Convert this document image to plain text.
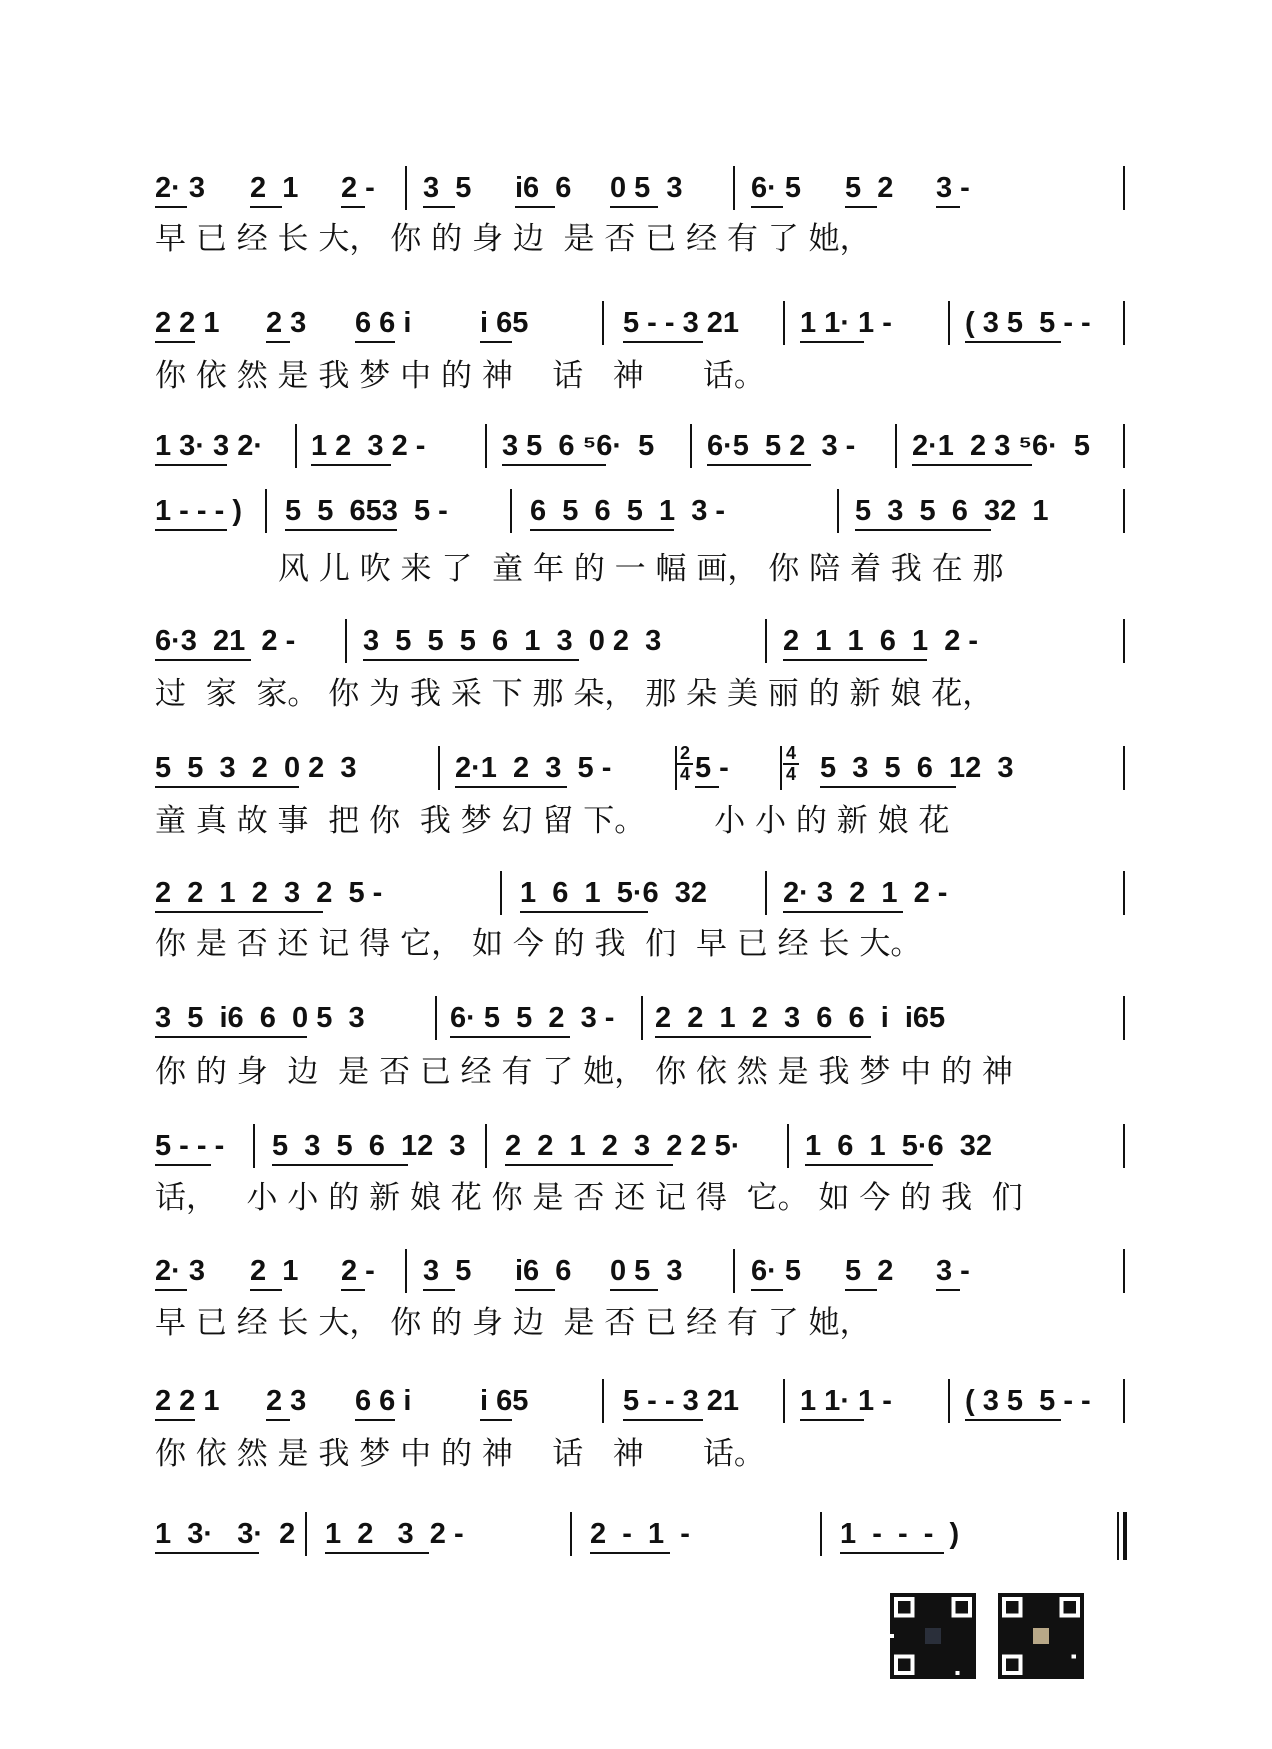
2· 3 2  1 2 - 3  5 i6  6 0 5  3 6· 5 5  2 3 -
早 已 经 长 大， 你 的 身 边  是 否 已 经 有 了 她，
2 2 1 2 3 6 6 i i 65	5 - - 3 21 1 1· 1 -	( 3 5  5 - -
你 依 然 是 我 梦 中 的 神    话   神      话。
1 3· 3 2· 1 2  3 2 -	3 5  6 ⁵6·  5 6·5  5 2  3 - 2·1  2 3 ⁵6·  5
1 - - - ) 5  5  653  5 -	6  5  6  5  1  3 -	5  3  5  6  32  1
风 儿 吹 来 了  童 年 的 一 幅 画， 你 陪 着 我 在 那
6·3  21  2 - 3  5  5  5  6  1  3  0 2  3	2  1  1  6  1  2 -
过  家  家。 你 为 我 采 下 那 朵， 那 朵 美 丽 的 新 娘 花，
5  5  3  2  0 2  3	2·1  2  3  5 -	5 -	5  3  5  6  12  3
2
4
4
4
童 真 故 事  把 你  我 梦 幻 留 下。       小 小 的 新 娘 花
2  2  1  2  3  2  5 -	1  6  1  5·6  32	2· 3  2  1  2 -
你 是 否 还 记 得 它， 如 今 的 我  们  早 已 经 长 大。
3  5  i6  6  0 5  3	6· 5  5  2  3 - 2  2  1  2  3  6  6  i  i65
你 的 身  边  是 否 已 经 有 了 她， 你 依 然 是 我 梦 中 的 神
5 - - - 5  3  5  6  12  3 2  2  1  2  3  2 2 5· 1  6  1  5·6  32
话，   小 小 的 新 娘 花 你 是 否 还 记 得  它。 如 今 的 我  们
2· 3 2  1 2 - 3  5 i6  6 0 5  3 6· 5 5  2 3 -
早 已 经 长 大， 你 的 身 边  是 否 已 经 有 了 她，
2 2 1 2 3 6 6 i i 65	5 - - 3 21 1 1· 1 -	( 3 5  5 - -
你 依 然 是 我 梦 中 的 神    话   神      话。
1  3·   3·  2 1  2   3  2 -	2  -  1  -	1  -  -  -  )
